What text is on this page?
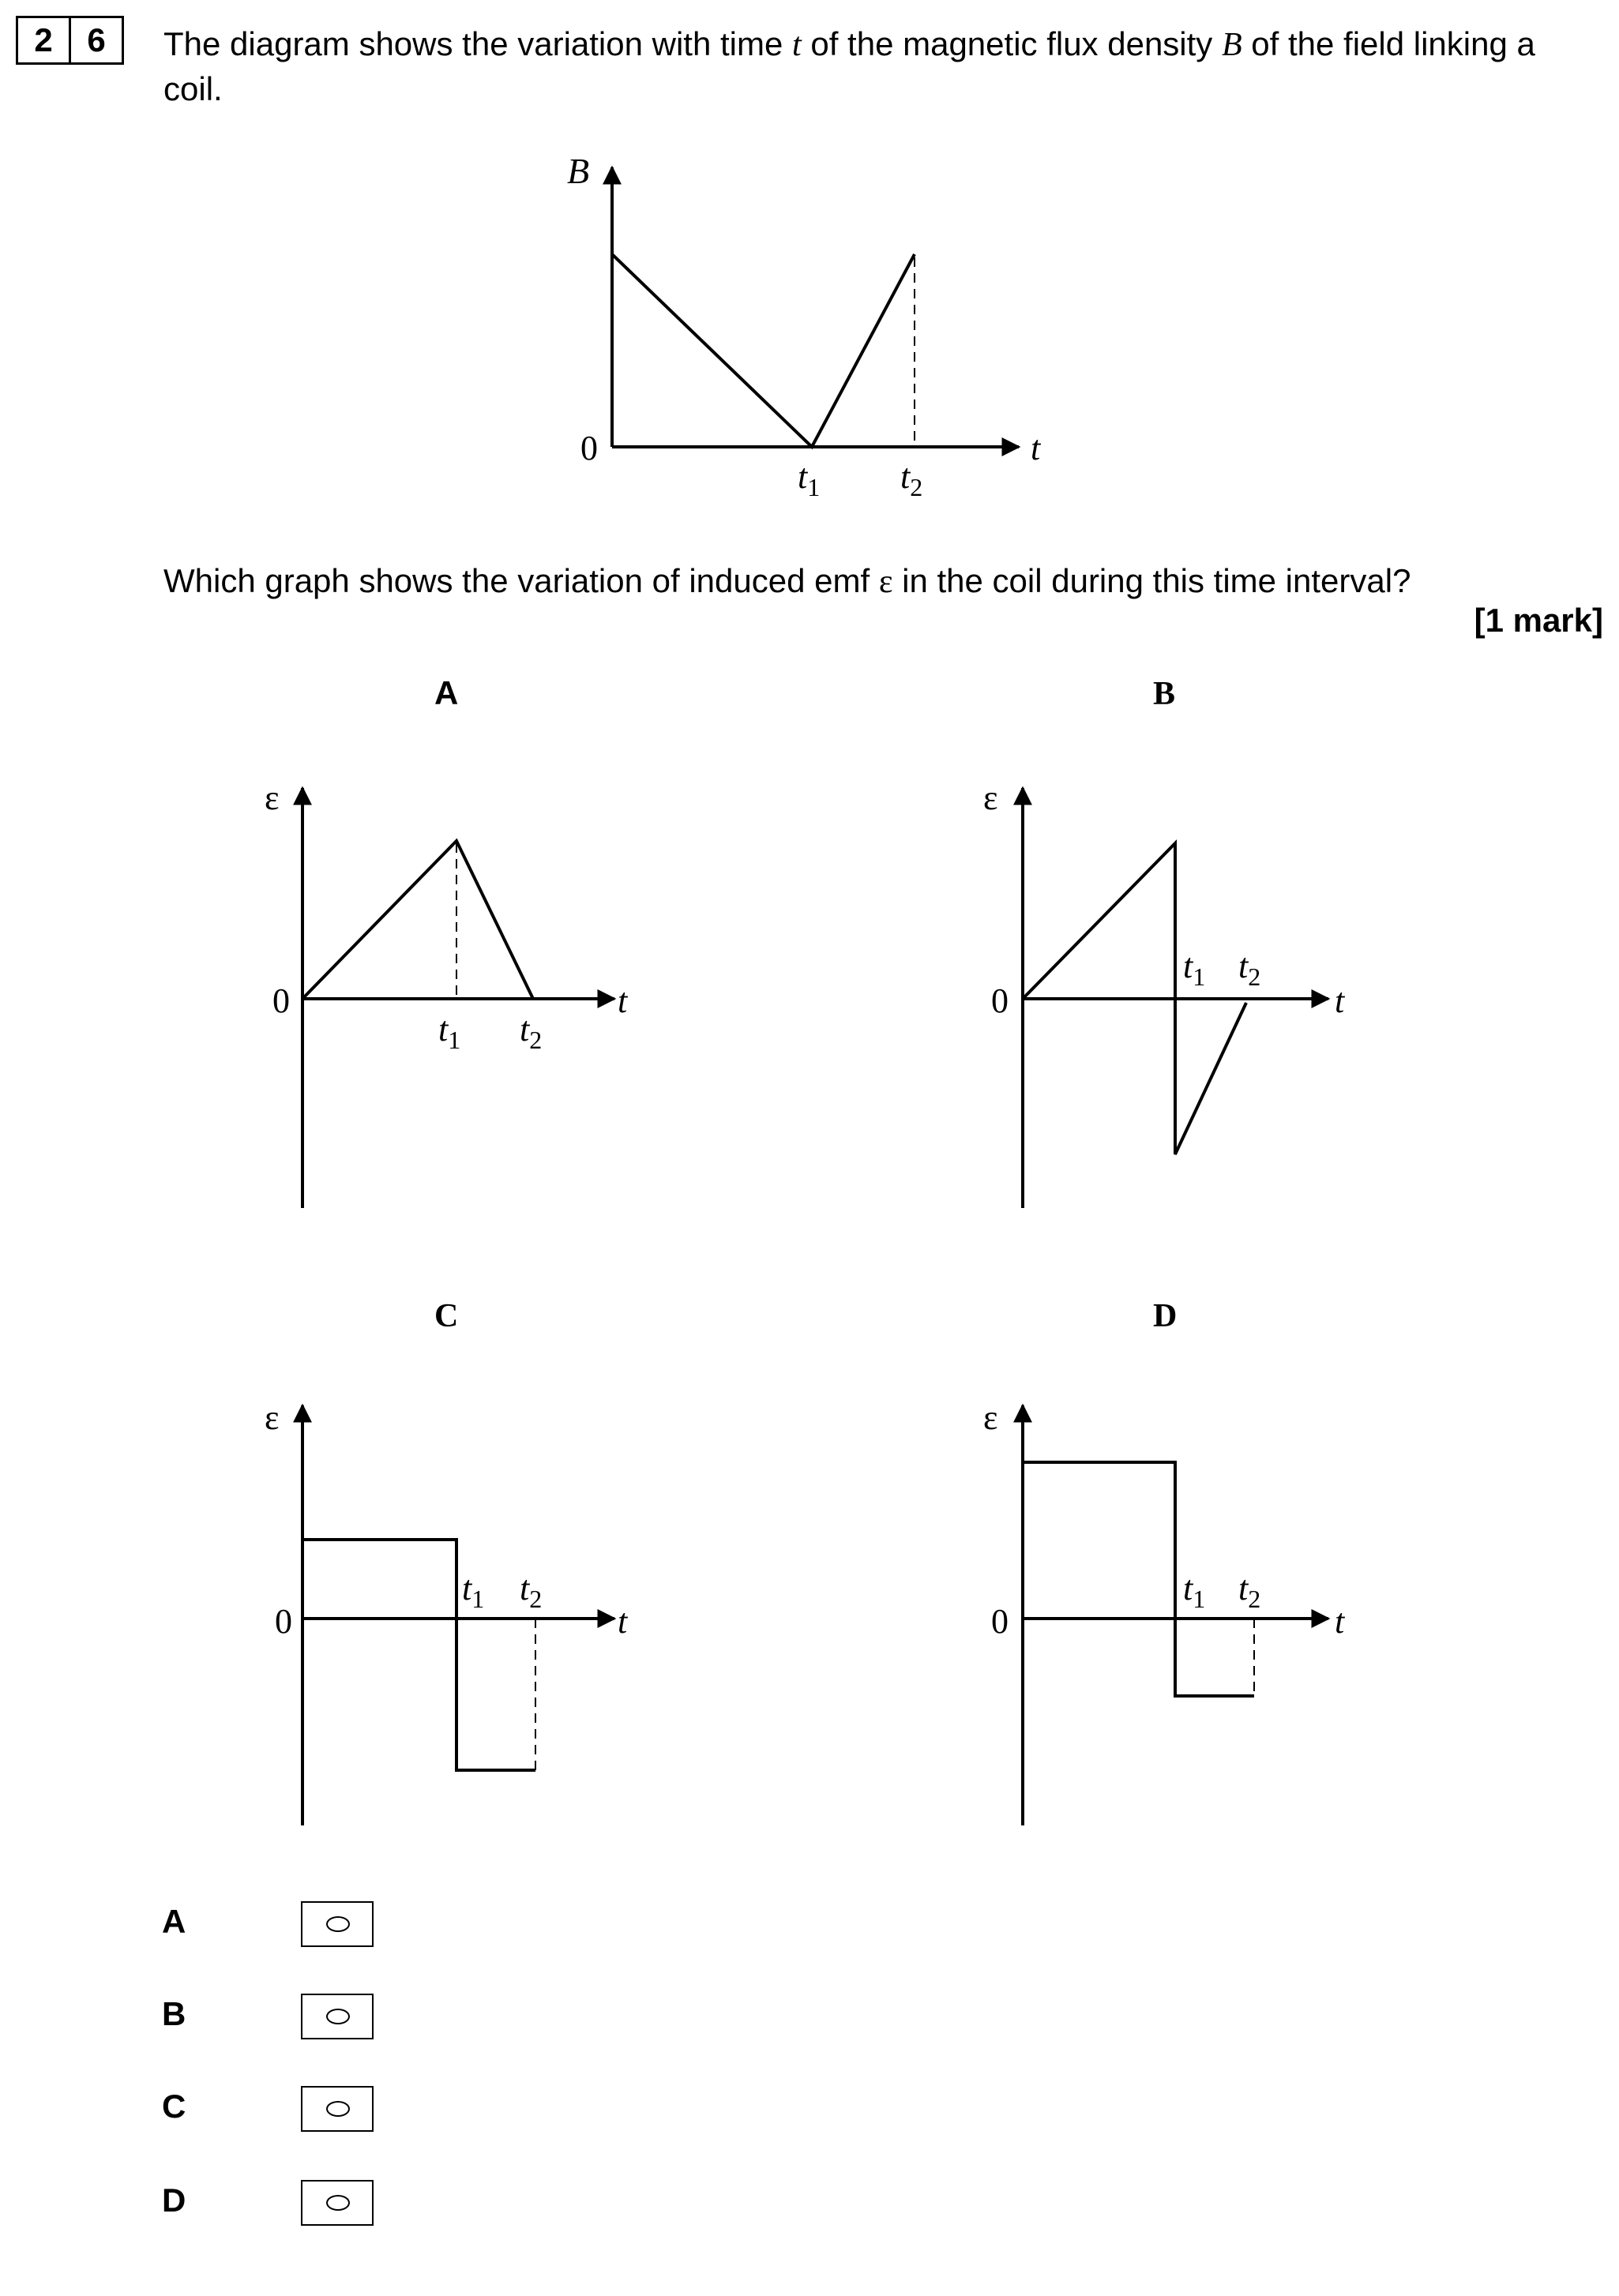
2	6	The diagram shows the variation with time t of the magnetic flux density B of the field linking a coil.
B
0	t
$t_1$ $t_2$
Which graph shows the variation of induced emf ε in the coil during this time interval?
[1 mark]
A
ε
0	t
$t_1$ $t_2$
B
ε
0	t
$t_1$ $t_2$
C
ε
0	t
$t_1$ $t_2$
D
ε
0	t
$t_1$ $t_2$
A
B
C
D
